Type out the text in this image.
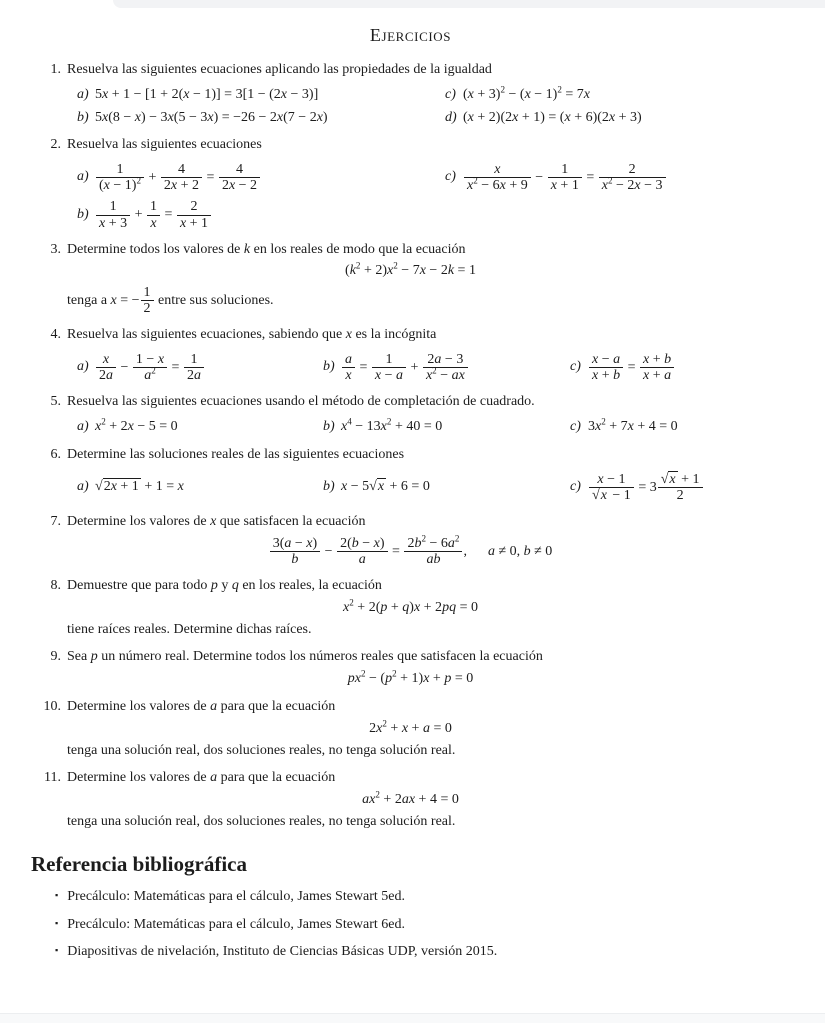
Ejercicios
1. Resuelva las siguientes ecuaciones aplicando las propiedades de la igualdad
a) 5x + 1 − [1 + 2(x − 1)] = 3[1 − (2x − 3)]
b) 5x(8 − x) − 3x(5 − 3x) = −26 − 2x(7 − 2x)
c) $(x + 3)^2 - (x - 1)^2 = 7x$
d) (x + 2)(2x + 1) = (x + 6)(2x + 3)
2. Resuelva las siguientes ecuaciones
$a) \frac{1}{(x - 1)^2} + \frac{4}{2x + 2} = \frac{4}{2x - 2}$
$b) \frac{1}{x + 3} + \frac{1}{x} = \frac{2}{x + 1}$
$c) \frac{x}{x^2 - 6x + 9} - \frac{1}{x + 1} = \frac{2}{x^2 - 2x - 3}$
3. Determine todos los valores de k en los reales de modo que la ecuación
$(k^2 + 2)x^2 - 7x - 2k = 1$
tenga a x = − $\frac{1}{2}$ entre sus soluciones.
4. Resuelva las siguientes ecuaciones, sabiendo que x es la incógnita
$a) \frac{x}{2a} - \frac{1 - x}{a^2} = \frac{1}{2a}$	$b) \frac{a}{x} = \frac{1}{x - a} + \frac{2a - 3}{x^2 - ax}$	$c) \frac{x - a}{x + b} = \frac{x + b}{x + a}$
5. Resuelva las siguientes ecuaciones usando el método de completación de cuadrado.
a) $x^2 + 2x - 5 = 0$	b) $x^4 - 13x^2 + 40 = 0$	c) $3x^2 + 7x + 4 = 0$
6. Determine las soluciones reales de las siguientes ecuaciones
a) √2x + 1 + 1 = x	b) x − 5√x + 6 = 0	$c) \frac{x - 1}{√x - 1} = 3 \frac{√x + 1}{2}$
7. Determine los valores de x que satisfacen la ecuación
$\frac{3(a - x)}{b} - \frac{2(b - x)}{a} = \frac{2b^2 - 6a^2}{ab}$ ,   a ≠ 0, b ≠ 0
8. Demuestre que para todo p y q en los reales, la ecuación
$x^2 + 2(p + q)x + 2pq = 0$
tiene raíces reales. Determine dichas raíces.
9. Sea p un número real. Determine todos los números reales que satisfacen la ecuación
$px^2 - (p^2 + 1)x + p = 0$
10. Determine los valores de a para que la ecuación
$2x^2 + x + a = 0$
tenga una solución real, dos soluciones reales, no tenga solución real.
11. Determine los valores de a para que la ecuación
$ax^2 + 2ax + 4 = 0$
tenga una solución real, dos soluciones reales, no tenga solución real.
Referencia bibliográfica
▪ Precálculo: Matemáticas para el cálculo, James Stewart 5ed.
▪ Precálculo: Matemáticas para el cálculo, James Stewart 6ed.
▪ Diapositivas de nivelación, Instituto de Ciencias Básicas UDP, versión 2015.
